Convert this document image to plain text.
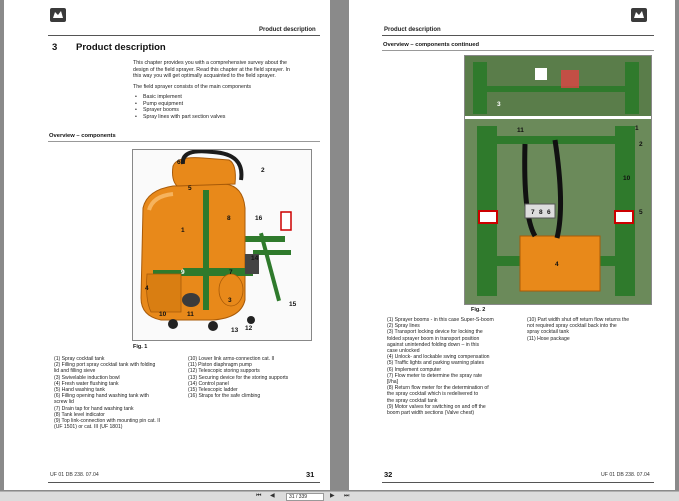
Product description
3 Product description
This chapter provides you with a comprehensive survey about the
design of the field sprayer. Read this chapter at the field sprayer. In
this way you will get optimally acquainted to the field sprayer.
The field sprayer consists of the main components
• Basic implement
• Pump equipment
• Sprayer booms
• Spray lines with part section valves
Overview – components
6
2
5
8	16
1
3
4
9
14
7
10	11
15
13 12
Fig. 1
(1) Spray cocktail tank
(2) Filling port spray cocktail tank with folding
lid and filling sieve
(3) Swivelable induction bowl
(4) Fresh water flushing tank
(5) Hand washing tank
(6) Filling opening hand washing tank with
screw lid
(7) Drain tap for hand washing tank
(8) Tank level indicator
(9) Top link-connection with mounting pin cat. II
(UF 1501) or cat. III (UF 1801)
(10) Lower link arms-connection cat. II
(11) Piston diaphragm pump
(12) Telescopic storing supports
(13) Securing device for the storing supports
(14) Control panel
(15) Telescopic ladder
(16) Straps for the safe climbing
UF 01 DB 238. 07.04	31
Product description
Overview – components continued
3
11	1
2
10
7 8 6	5
4
Fig. 2
(1) Sprayer booms - in this case Super-S-boom
(2) Spray lines
(3) Transport locking device for locking the
folded sprayer boom in transport position
against unintended folding down – in this
case unlocked
(4) Unlock- and lockable swing compensation
(5) Traffic lights and parking warning plates
(6) Implement computer
(7) Flow meter to determine the spray rate
[l/ha]
(8) Return flow meter for the determination of
the spray cocktail which is redelivered to
the spray cocktail tank
(9) Motor valves for switching on and off the
boom part width sections (Valve chest)
(10) Part width shut off return flow returns the
not required spray cocktail back into the
spray cocktail tank
(11) Hose package
32	UF 01 DB 238. 07.04
⏮ ◀	31 / 339	▶ ⏭
